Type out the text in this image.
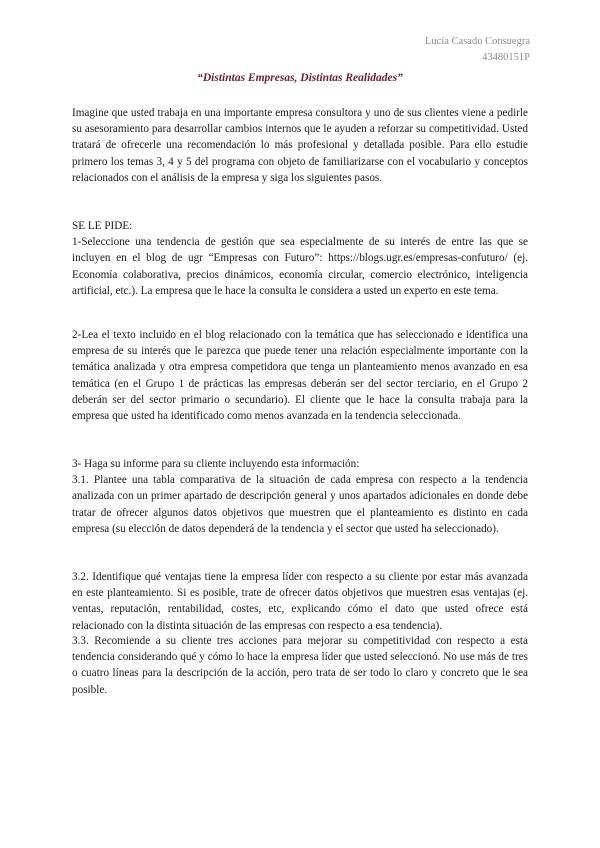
Lucía Casado Consuegra
43480151P
“Distintas Empresas, Distintas Realidades”

Imagine que usted trabaja en una importante empresa consultora y uno de sus clientes viene a pedirle su asesoramiento para desarrollar cambios internos que le ayuden a reforzar su competitividad. Usted tratará de ofrecerle una recomendación lo más profesional y detallada posible. Para ello estudie primero los temas 3, 4 y 5 del programa con objeto de familiarizarse con el vocabulario y conceptos relacionados con el análisis de la empresa y siga los siguientes pasos.

SE LE PIDE:
1-Seleccione una tendencia de gestión que sea especialmente de su interés de entre las que se incluyen en el blog de ugr “Empresas con Futuro”: https://blogs.ugr.es/empresas-confuturo/ (ej. Economía colaborativa, precios dinámicos, economía circular, comercio electrónico, inteligencia artificial, etc.). La empresa que le hace la consulta le considera a usted un experto en este tema.

2-Lea el texto incluido en el blog relacionado con la temática que has seleccionado e identifica una empresa de su interés que le parezca que puede tener una relación especialmente importante con la temática analizada y otra empresa competidora que tenga un planteamiento menos avanzado en esa temática (en el Grupo 1 de prácticas las empresas deberán ser del sector terciario, en el Grupo 2 deberán ser del sector primario o secundario). El cliente que le hace la consulta trabaja para la empresa que usted ha identificado como menos avanzada en la tendencia seleccionada.

3- Haga su informe para su cliente incluyendo esta información:
3.1. Plantee una tabla comparativa de la situación de cada empresa con respecto a la tendencia analizada con un primer apartado de descripción general y unos apartados adicionales en donde debe tratar de ofrecer algunos datos objetivos que muestren que el planteamiento es distinto en cada empresa (su elección de datos dependerá de la tendencia y el sector que usted ha seleccionado).

3.2. Identifique qué ventajas tiene la empresa líder con respecto a su cliente por estar más avanzada en este planteamiento. Si es posible, trate de ofrecer datos objetivos que muestren esas ventajas (ej. ventas, reputación, rentabilidad, costes, etc, explicando cómo el dato que usted ofrece está relacionado con la distinta situación de las empresas con respecto a esa tendencia).

3.3. Recomiende a su cliente tres acciones para mejorar su competitividad con respecto a esta tendencia considerando qué y cómo lo hace la empresa líder que usted seleccionó. No use más de tres o cuatro líneas para la descripción de la acción, pero trata de ser todo lo claro y concreto que le sea posible.
